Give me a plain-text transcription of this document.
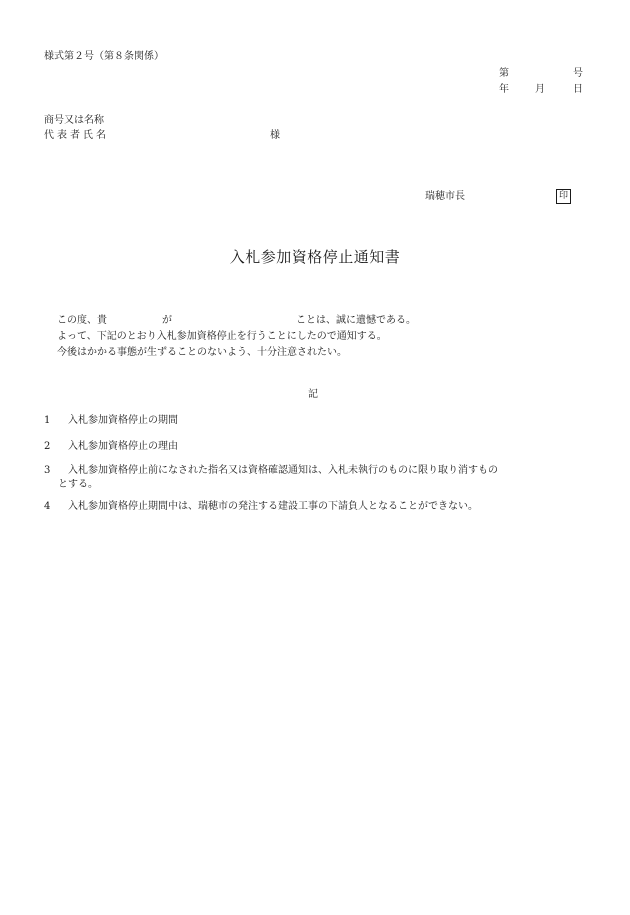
様式第２号（第８条関係）
第	号
年	月	日
商号又は名称
代表者氏名	様
瑞穂市長	印
入札参加資格停止通知書
この度、貴	が	ことは、誠に遺憾である。
よって、下記のとおり入札参加資格停止を行うことにしたので通知する。
今後はかかる事態が生ずることのないよう、十分注意されたい。
記
1 入札参加資格停止の期間
2 入札参加資格停止の理由
3 入札参加資格停止前になされた指名又は資格確認通知は、入札未執行のものに限り取り消すもの
とする。
4 入札参加資格停止期間中は、瑞穂市の発注する建設工事の下請負人となることができない。
